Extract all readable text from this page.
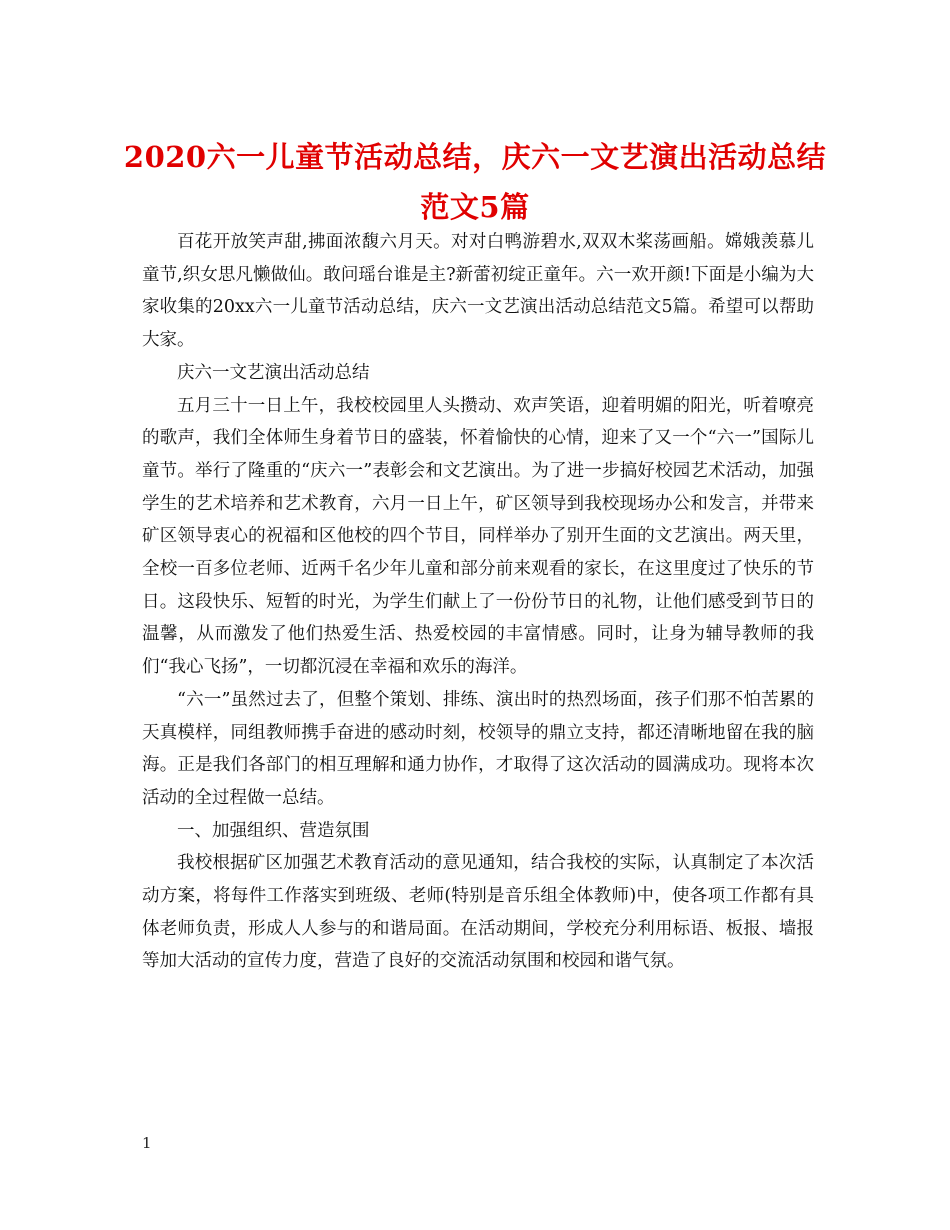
2020六一儿童节活动总结，庆六一文艺演出活动总结
范文5篇

百花开放笑声甜,拂面浓馥六月天。对对白鸭游碧水,双双木桨荡画船。嫦娥羡慕儿童节,织女思凡懒做仙。敢问瑶台谁是主?新蕾初绽正童年。六一欢开颜!下面是小编为大家收集的20xx六一儿童节活动总结，庆六一文艺演出活动总结范文5篇。希望可以帮助大家。

庆六一文艺演出活动总结

五月三十一日上午，我校校园里人头攒动、欢声笑语，迎着明媚的阳光，听着嘹亮的歌声，我们全体师生身着节日的盛装，怀着愉快的心情，迎来了又一个“六一”国际儿童节。举行了隆重的“庆六一”表彰会和文艺演出。为了进一步搞好校园艺术活动，加强学生的艺术培养和艺术教育，六月一日上午，矿区领导到我校现场办公和发言，并带来矿区领导衷心的祝福和区他校的四个节目，同样举办了别开生面的文艺演出。两天里，全校一百多位老师、近两千名少年儿童和部分前来观看的家长，在这里度过了快乐的节日。这段快乐、短暂的时光，为学生们献上了一份份节日的礼物，让他们感受到节日的温馨，从而激发了他们热爱生活、热爱校园的丰富情感。同时，让身为辅导教师的我们“我心飞扬”，一切都沉浸在幸福和欢乐的海洋。

“六一”虽然过去了，但整个策划、排练、演出时的热烈场面，孩子们那不怕苦累的天真模样，同组教师携手奋进的感动时刻，校领导的鼎立支持，都还清晰地留在我的脑海。正是我们各部门的相互理解和通力协作，才取得了这次活动的圆满成功。现将本次活动的全过程做一总结。

一、加强组织、营造氛围

我校根据矿区加强艺术教育活动的意见通知，结合我校的实际，认真制定了本次活动方案，将每件工作落实到班级、老师(特别是音乐组全体教师)中，使各项工作都有具体老师负责，形成人人参与的和谐局面。在活动期间，学校充分利用标语、板报、墙报等加大活动的宣传力度，营造了良好的交流活动氛围和校园和谐气氛。

1
